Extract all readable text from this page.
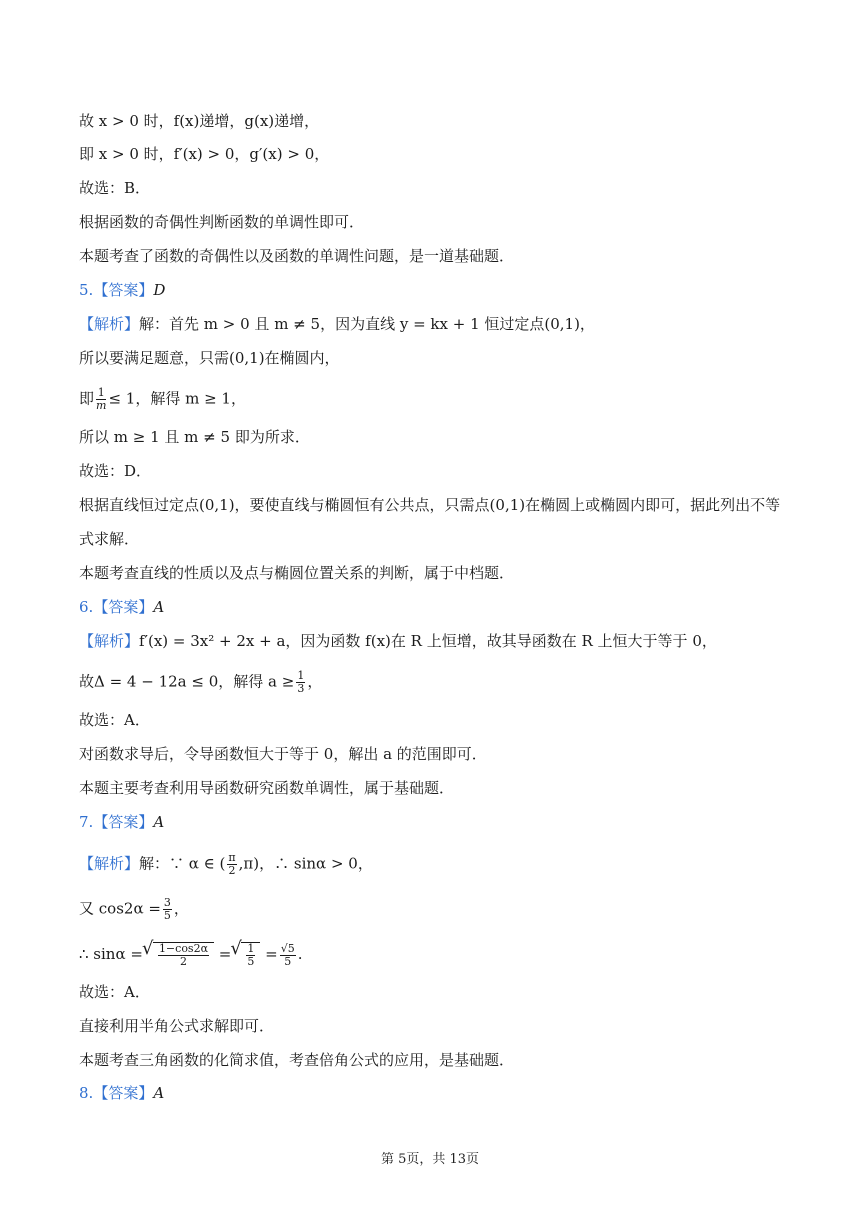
故 x > 0 时，f(x)递增，g(x)递增，
即 x > 0 时，f′(x) > 0，g′(x) > 0，
故选：B．
根据函数的奇偶性判断函数的单调性即可．
本题考查了函数的奇偶性以及函数的单调性问题，是一道基础题．
5.【答案】D
【解析】解：首先 m > 0 且 m ≠ 5，因为直线 y = kx + 1 恒过定点(0,1)，
所以要满足题意，只需(0,1)在椭圆内，
即 $\frac{1}{m} \le 1$，解得 m ≥ 1，
所以 m ≥ 1 且 m ≠ 5 即为所求．
故选：D．
根据直线恒过定点(0,1)，要使直线与椭圆恒有公共点，只需点(0,1)在椭圆上或椭圆内即可，据此列出不等
式求解．
本题考查直线的性质以及点与椭圆位置关系的判断，属于中档题．
6.【答案】A
【解析】f′(x) = 3x² + 2x + a，因为函数 f(x)在 R 上恒增，故其导函数在 R 上恒大于等于 0，
故Δ = 4 − 12a ≤ 0，解得 $a \ge \frac{1}{3}$ ，
故选：A．
对函数求导后，令导函数恒大于等于 0，解出 a 的范围即可．
本题主要考查利用导函数研究函数单调性，属于基础题．
7.【答案】A
【解析】解：∵ α ∈ ( $\frac{\pi}{2} ,\pi$)，∴ sinα > 0，
又 $\cos 2\alpha = \frac{3}{5}$ ，
∴ sinα = √ $\frac{1-\cos 2\alpha}{2}$ = √ $\frac{1}{5} = \frac{√5}{5}$ .
故选：A．
直接利用半角公式求解即可．
本题考查三角函数的化简求值，考查倍角公式的应用，是基础题．
8.【答案】A
第 5页，共 13页
